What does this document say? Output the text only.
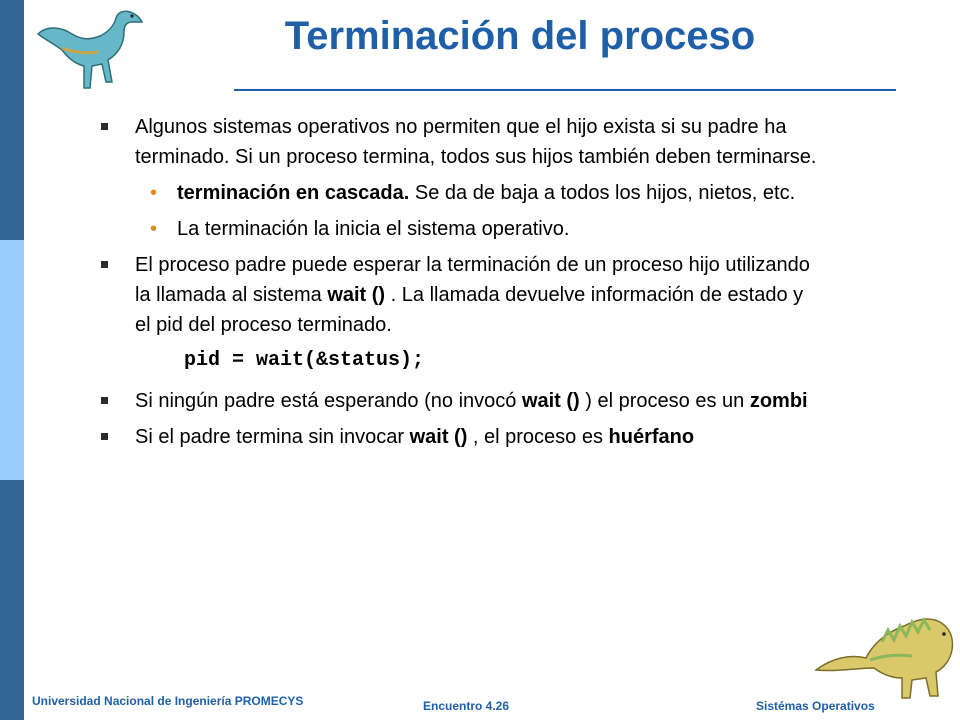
Terminación del proceso
Algunos sistemas operativos no permiten que el hijo exista si su padre ha terminado. Si un proceso termina, todos sus hijos también deben terminarse.
• terminación en cascada. Se da de baja a todos los hijos, nietos, etc.
• La terminación la inicia el sistema operativo.
El proceso padre puede esperar la terminación de un proceso hijo utilizando la llamada al sistema wait () . La llamada devuelve información de estado y el pid del proceso terminado.
pid = wait(&status);
Si ningún padre está esperando (no invocó wait () ) el proceso es un zombi
Si el padre termina sin invocar wait () , el proceso es huérfano
Universidad Nacional de Ingeniería PROMECYS	Encuentro 4.26	Sistémas Operativos
